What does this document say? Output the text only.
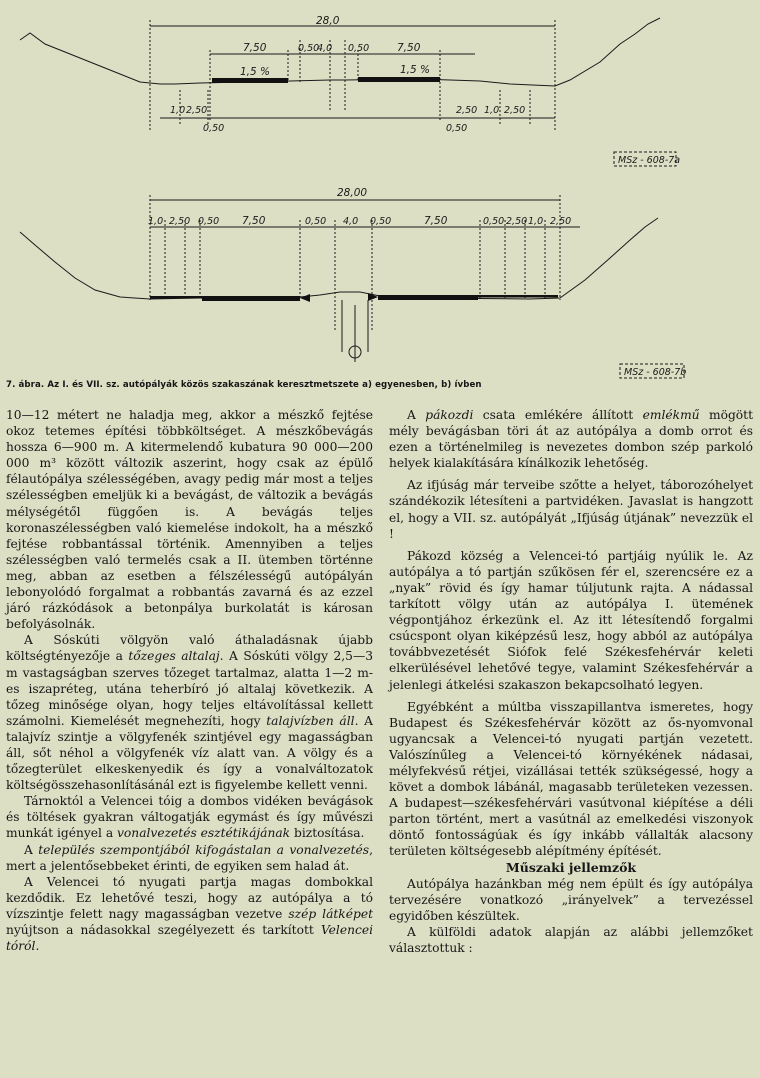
28,0
7,50	0,50
4,0 0,50	7,50
1,5 %	1,5 %
1,0 2,50
0,50
2,50 1,0 2,50
0,50
MSz - 608-7a
28,00
1,0 2,50 0,50 7,50	0,50 4,0 0,50	7,50	0,50 2,50 1,0 2,50
MSz - 608-7b
7. ábra. Az I. és VII. sz. autópályák közös szakaszának keresztmetszete a) egyenesben, b) ívben

10—12 métert ne haladja meg, akkor a mészkő fejtése okoz tetemes építési többköltséget. A mészkőbevágás hossza 6—900 m. A kitermelendő kubatura 90 000—200 000 m³ között változik aszerint, hogy csak az épülő félautópálya szélességében, avagy pedig már most a teljes szélességben emeljük ki a bevágást, de változik a bevágás mélységétől függően is. A bevágás teljes koronaszélességben való kiemelése indokolt, ha a mészkő fejtése robbantással történik. Amennyiben a teljes szélességben való termelés csak a II. ütemben történne meg, abban az esetben a félszélességű autópályán lebonyolódó forgalmat a robbantás zavarná és az ezzel járó rázkódások a betonpálya burkolatát is károsan befolyásolnák.

A Sóskúti völgyön való áthaladásnak újabb költségtényezője a tőzeges altalaj. A Sóskúti völgy 2,5—3 m vastagságban szerves tőzeget tartalmaz, alatta 1—2 m-es iszapréteg, utána teherbíró jó altalaj következik. A tőzeg minősége olyan, hogy teljes eltávolítással kellett számolni. Kiemelését megnehezíti, hogy talajvízben áll. A talajvíz szintje a völgyfenék szintjével egy magasságban áll, sőt néhol a völgyfenék víz alatt van. A völgy és a tőzegterület elkeskenyedik és így a vonalváltozatok költségösszehasonlításánál ezt is figyelembe kellett venni.

Tárnoktól a Velencei tóig a dombos vidéken bevágások és töltések gyakran váltogatják egymást és így művészi munkát igényel a vonalvezetés esztétikájának biztosítása.

A település szempontjából kifogástalan a vonalvezetés, mert a jelentősebbeket érinti, de egyiken sem halad át.

A Velencei tó nyugati partja magas dombokkal kezdődik. Ez lehetővé teszi, hogy az autópálya a tó vízszintje felett nagy magasságban vezetve szép látképet nyújtson a nádasokkal szegélyezett és tarkított Velencei tóról.

A pákozdi csata emlékére állított emlékmű mögött mély bevágásban töri át az autópálya a domb orrot és ezen a történelmileg is nevezetes dombon szép parkoló helyek kialakítására kínálkozik lehetőség.

Az ifjúság már terveibe szőtte a helyet, táborozóhelyet szándékozik létesíteni a partvidéken. Javaslat is hangzott el, hogy a VII. sz. autópályát „Ifjúság útjának” nevezzük el !

Pákozd község a Velencei-tó partjáig nyúlik le. Az autópálya a tó partján szűkösen fér el, szerencsére ez a „nyak” rövid és így hamar túljutunk rajta. A nádassal tarkított völgy után az autópálya I. ütemének végpontjához érkezünk el. Az itt létesítendő forgalmi csúcspont olyan kiképzésű lesz, hogy abból az autópálya továbbvezetését Siófok felé Székesfehérvár keleti elkerülésével lehetővé tegye, valamint Székesfehérvár a jelenlegi átkelési szakaszon bekapcsolható legyen.

Egyébként a múltba visszapillantva ismeretes, hogy Budapest és Székesfehérvár között az ős-nyomvonal ugyancsak a Velencei-tó nyugati partján vezetett. Valószínűleg a Velencei-tó környékének nádasai, mélyfekvésű rétjei, vizállásai tették szükségessé, hogy a követ a dombok lábánál, magasabb területeken vezessen. A budapest—székesfehérvári vasútvonal kiépítése a déli parton történt, mert a vasútnál az emelkedési viszonyok döntő fontosságúak és így inkább vállalták alacsony területen költségesebb alépítmény építését.

Műszaki jellemzők

Autópálya hazánkban még nem épült és így autópálya tervezésére vonatkozó „irányelvek” a tervezéssel egyidőben készültek.

A külföldi adatok alapján az alábbi jellemzőket választottuk :
